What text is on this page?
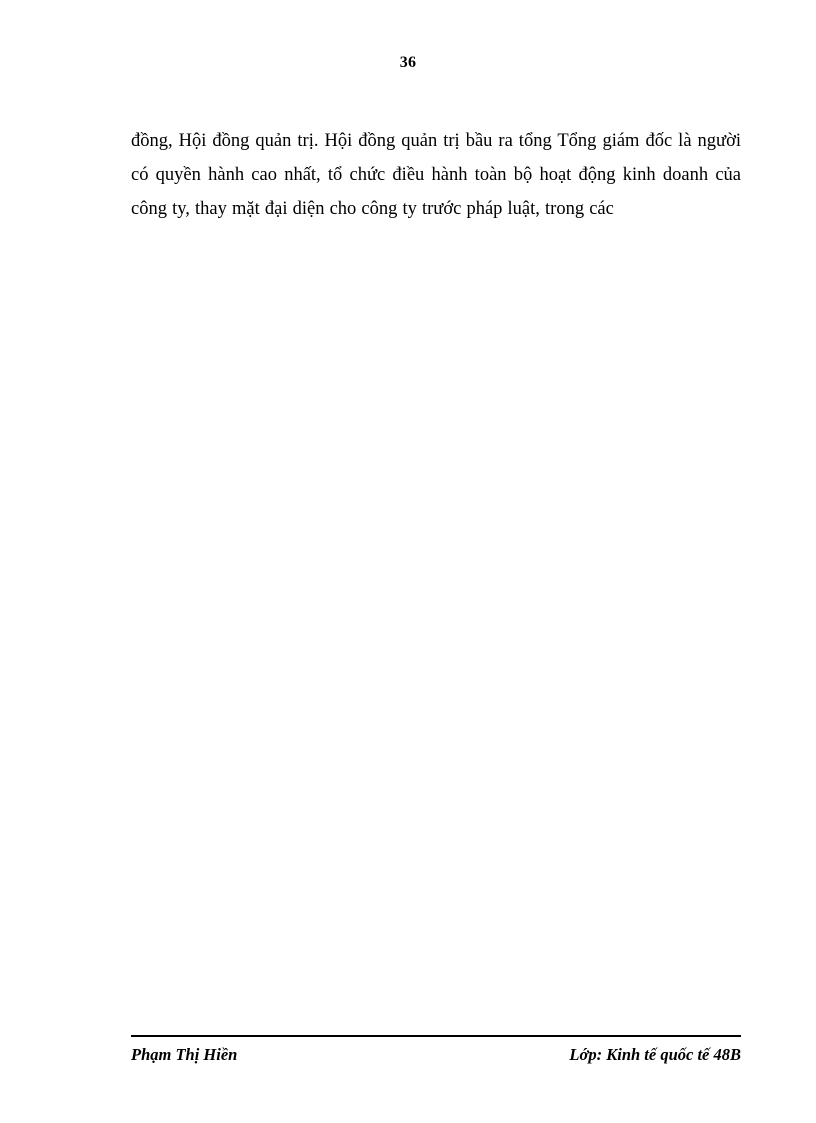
36

đồng, Hội đồng quản trị. Hội đồng quản trị bầu ra tổng Tổng giám đốc là người có quyền hành cao nhất, tổ chức điều hành toàn bộ hoạt động kinh doanh của công ty, thay mặt đại diện cho công ty trước pháp luật, trong các

Phạm Thị Hiền	Lớp: Kinh tế quốc tế 48B
